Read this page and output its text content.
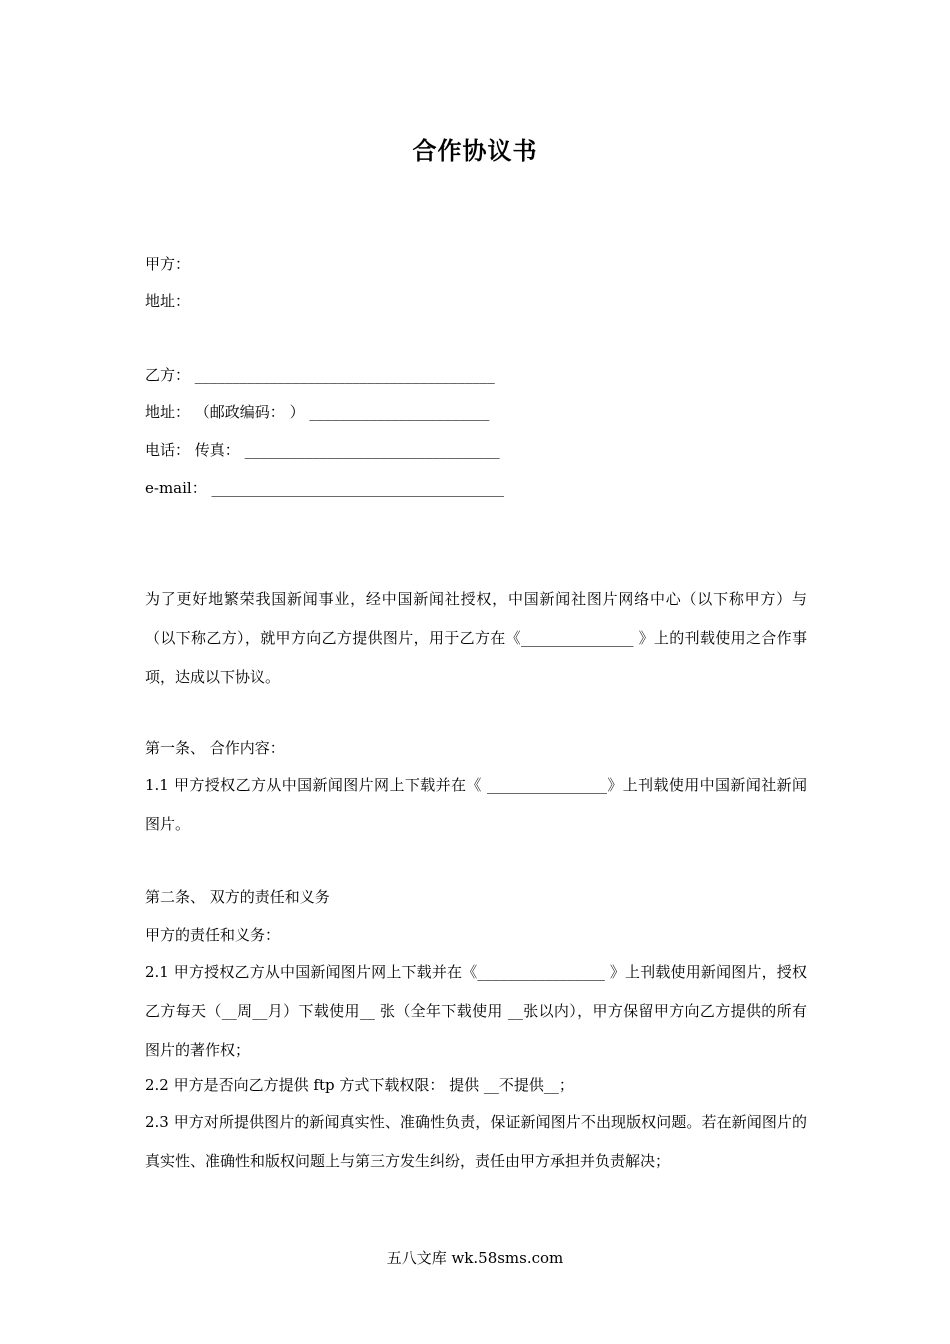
合作协议书
甲方：
地址：
乙方： ________________________________________
地址： （邮政编码： ） ________________________
电话： 传真： __________________________________
e-mail： _______________________________________

为了更好地繁荣我国新闻事业，经中国新闻社授权，中国新闻社图片网络中心（以下称甲方）与 （以下称乙方），就甲方向乙方提供图片，用于乙方在《_______________ 》上的刊载使用之合作事项，达成以下协议。

第一条、 合作内容：

1.1 甲方授权乙方从中国新闻图片网上下载并在《 ________________》上刊载使用中国新闻社新闻图片。

第二条、 双方的责任和义务
甲方的责任和义务：

2.1 甲方授权乙方从中国新闻图片网上下载并在《_________________ 》上刊载使用新闻图片，授权乙方每天（__周__月）下载使用__ 张（全年下载使用 __张以内），甲方保留甲方向乙方提供的所有图片的著作权；

2.2 甲方是否向乙方提供 ftp 方式下载权限： 提供 __不提供__；

2.3 甲方对所提供图片的新闻真实性、准确性负责，保证新闻图片不出现版权问题。若在新闻图片的真实性、准确性和版权问题上与第三方发生纠纷，责任由甲方承担并负责解决；

五八文库 wk.58sms.com
